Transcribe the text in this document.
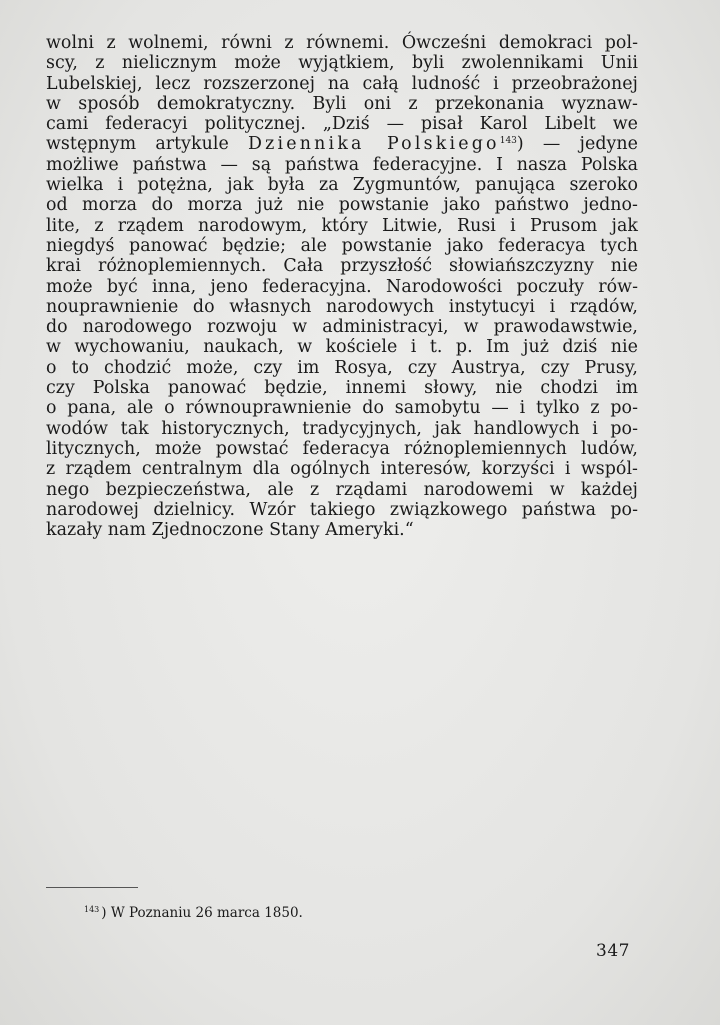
wolni z wolnemi, równi z równemi. Ówcześni demokraci pol-
scy, z nielicznym może wyjątkiem, byli zwolennikami Unii
Lubelskiej, lecz rozszerzonej na całą ludność i przeobrażonej
w sposób demokratyczny. Byli oni z przekonania wyznaw-
cami federacyi politycznej. „Dziś — pisał Karol Libelt we
wstępnym artykule Dziennika Polskiego$^{143}$) — jedyne
możliwe państwa — są państwa federacyjne. I nasza Polska
wielka i potężna, jak była za Zygmuntów, panująca szeroko
od morza do morza już nie powstanie jako państwo jedno-
lite, z rządem narodowym, który Litwie, Rusi i Prusom jak
niegdyś panować będzie; ale powstanie jako federacya tych
krai różnoplemiennych. Cała przyszłość słowiańszczyzny nie
może być inna, jeno federacyjna. Narodowości poczuły rów-
nouprawnienie do własnych narodowych instytucyi i rządów,
do narodowego rozwoju w administracyi, w prawodawstwie,
w wychowaniu, naukach, w kościele i t. p. Im już dziś nie
o to chodzić może, czy im Rosya, czy Austrya, czy Prusy,
czy Polska panować będzie, innemi słowy, nie chodzi im
o pana, ale o równouprawnienie do samobytu — i tylko z po-
wodów tak historycznych, tradycyjnych, jak handlowych i po-
litycznych, może powstać federacya różnoplemiennych ludów,
z rządem centralnym dla ogólnych interesów, korzyści i wspól-
nego bezpieczeństwa, ale z rządami narodowemi w każdej
narodowej dzielnicy. Wzór takiego związkowego państwa po-
kazały nam Zjednoczone Stany Ameryki.“
$^{143}$ ) W Poznaniu 26 marca 1850.
347
